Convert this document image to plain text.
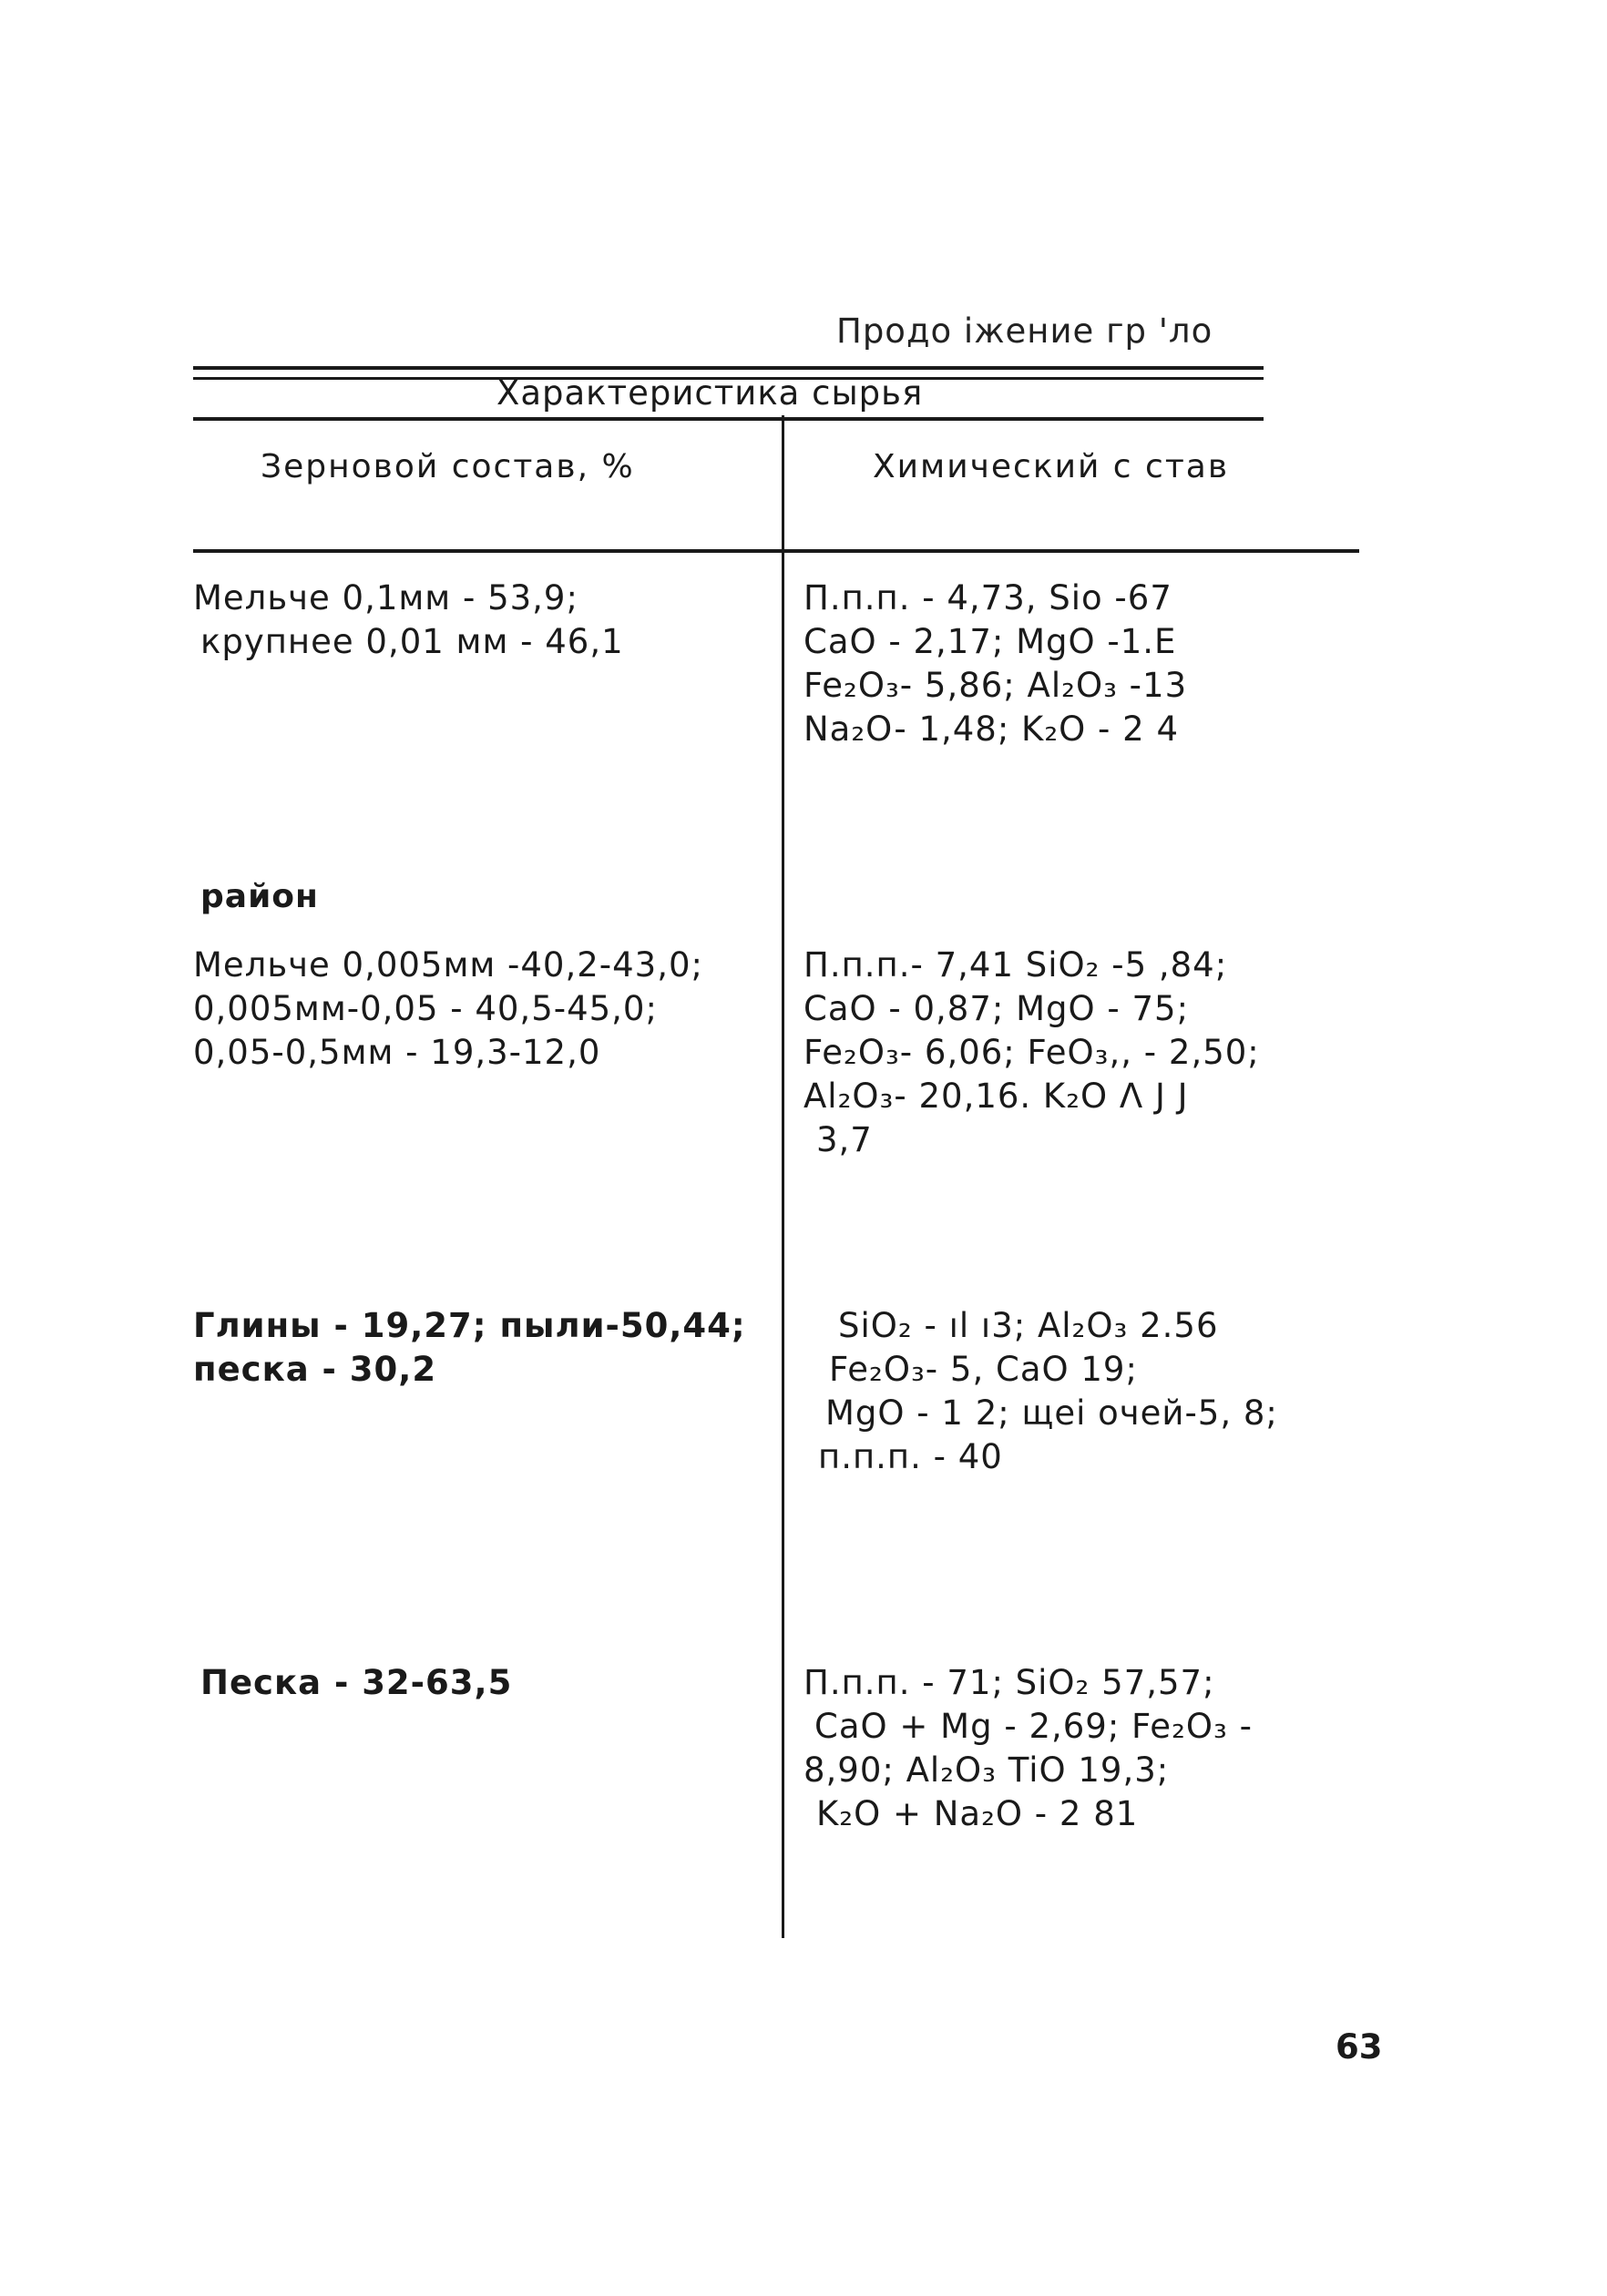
Продо іжение гр 'ло
Характеристика сырья
Зерновой состав, %	Химический с став
Мельче 0,1мм - 53,9;
крупнее 0,01 мм - 46,1
П.п.п. - 4,73, Siо -67
CaO - 2,17; MgO -1.Е
Fe₂O₃- 5,86; Al₂O₃ -13
Na₂O- 1,48; K₂O - 2 4
район
Мельче 0,005мм -40,2-43,0;
0,005мм-0,05 - 40,5-45,0;
0,05-0,5мм - 19,3-12,0
П.п.п.- 7,41 SiO₂ -5 ,84;
CaO - 0,87; MgO - 75;
Fe₂O₃- 6,06; FeO₃,, - 2,50;
Al₂O₃- 20,16. K₂O Λ J J
3,7
Глины - 19,27; пыли-50,44;
песка - 30,2
SiO₂ - ıl ı3; Al₂O₃ 2.56
Fe₂O₃- 5, CaO 19;
MgO - 1 2; щеі очей-5, 8;
п.п.п. - 40
Песка - 32-63,5	П.п.п. - 71; SiO₂ 57,57;
CaO + Mg - 2,69; Fe₂O₃ -
8,90; Al₂O₃ TiO 19,3;
K₂O + Na₂O - 2 81
63
